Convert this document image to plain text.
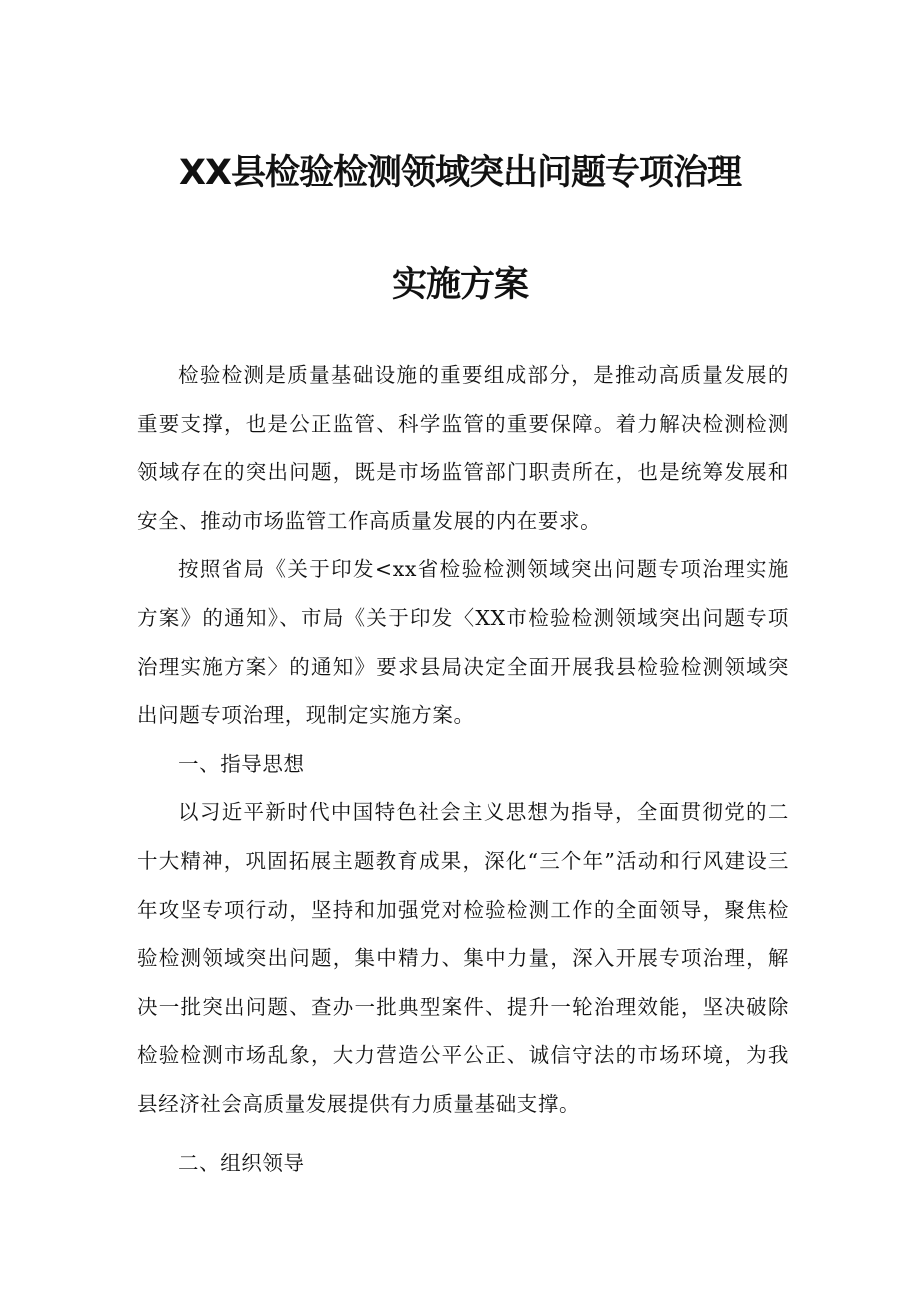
XX县检验检测领域突出问题专项治理
实施方案

检验检测是质量基础设施的重要组成部分，是推动高质量发展的重要支撑，也是公正监管、科学监管的重要保障。着力解决检测检测领域存在的突出问题，既是市场监管部门职责所在，也是统筹发展和安全、推动市场监管工作高质量发展的内在要求。

按照省局《关于印发<xx省检验检测领域突出问题专项治理实施方案》的通知》、市局《关于印发〈XX市检验检测领域突出问题专项治理实施方案〉的通知》要求县局决定全面开展我县检验检测领域突出问题专项治理，现制定实施方案。

一、指导思想

以习近平新时代中国特色社会主义思想为指导，全面贯彻党的二十大精神，巩固拓展主题教育成果，深化“三个年”活动和行风建设三年攻坚专项行动，坚持和加强党对检验检测工作的全面领导，聚焦检验检测领域突出问题，集中精力、集中力量，深入开展专项治理，解决一批突出问题、查办一批典型案件、提升一轮治理效能，坚决破除检验检测市场乱象，大力营造公平公正、诚信守法的市场环境，为我县经济社会高质量发展提供有力质量基础支撑。

二、组织领导
